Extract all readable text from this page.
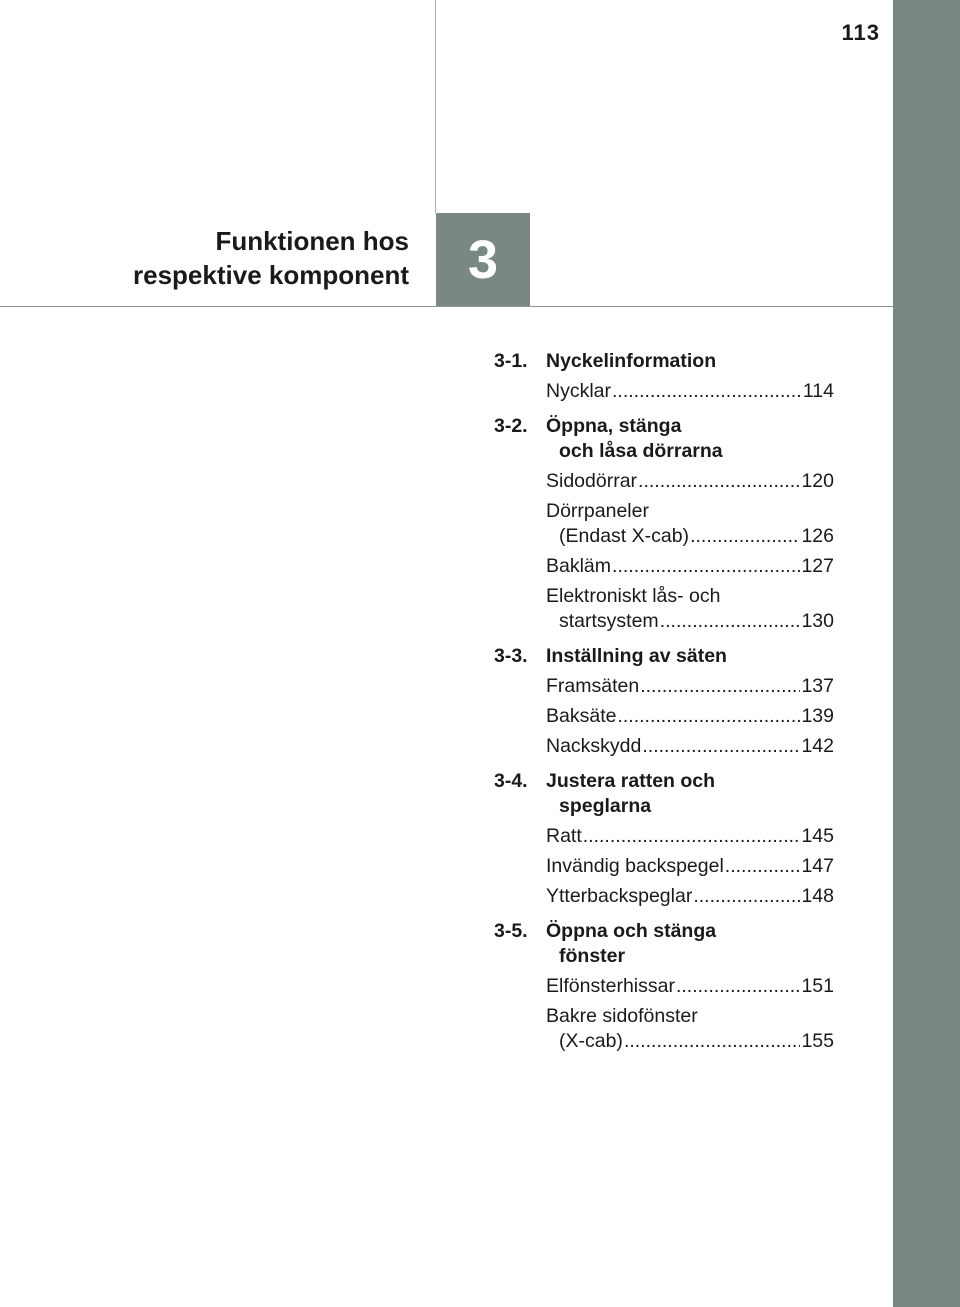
113
Funktionen hos
respektive komponent	3
3-1. Nyckelinformation
Nycklar .....	114
3-2. Öppna, stänga
och låsa dörrarna
Sidodörrar .....	120
Dörrpaneler
(Endast X-cab) .....	126
Bakläm .....	127
Elektroniskt lås- och
startsystem .....	130
3-3. Inställning av säten
Framsäten .....	137
Baksäte .....	139
Nackskydd .....	142
3-4. Justera ratten och
speglarna
Ratt .....	145
Invändig backspegel .....	147
Ytterbackspeglar .....	148
3-5. Öppna och stänga
fönster
Elfönsterhissar .....	151
Bakre sidofönster
(X-cab) .....	155
